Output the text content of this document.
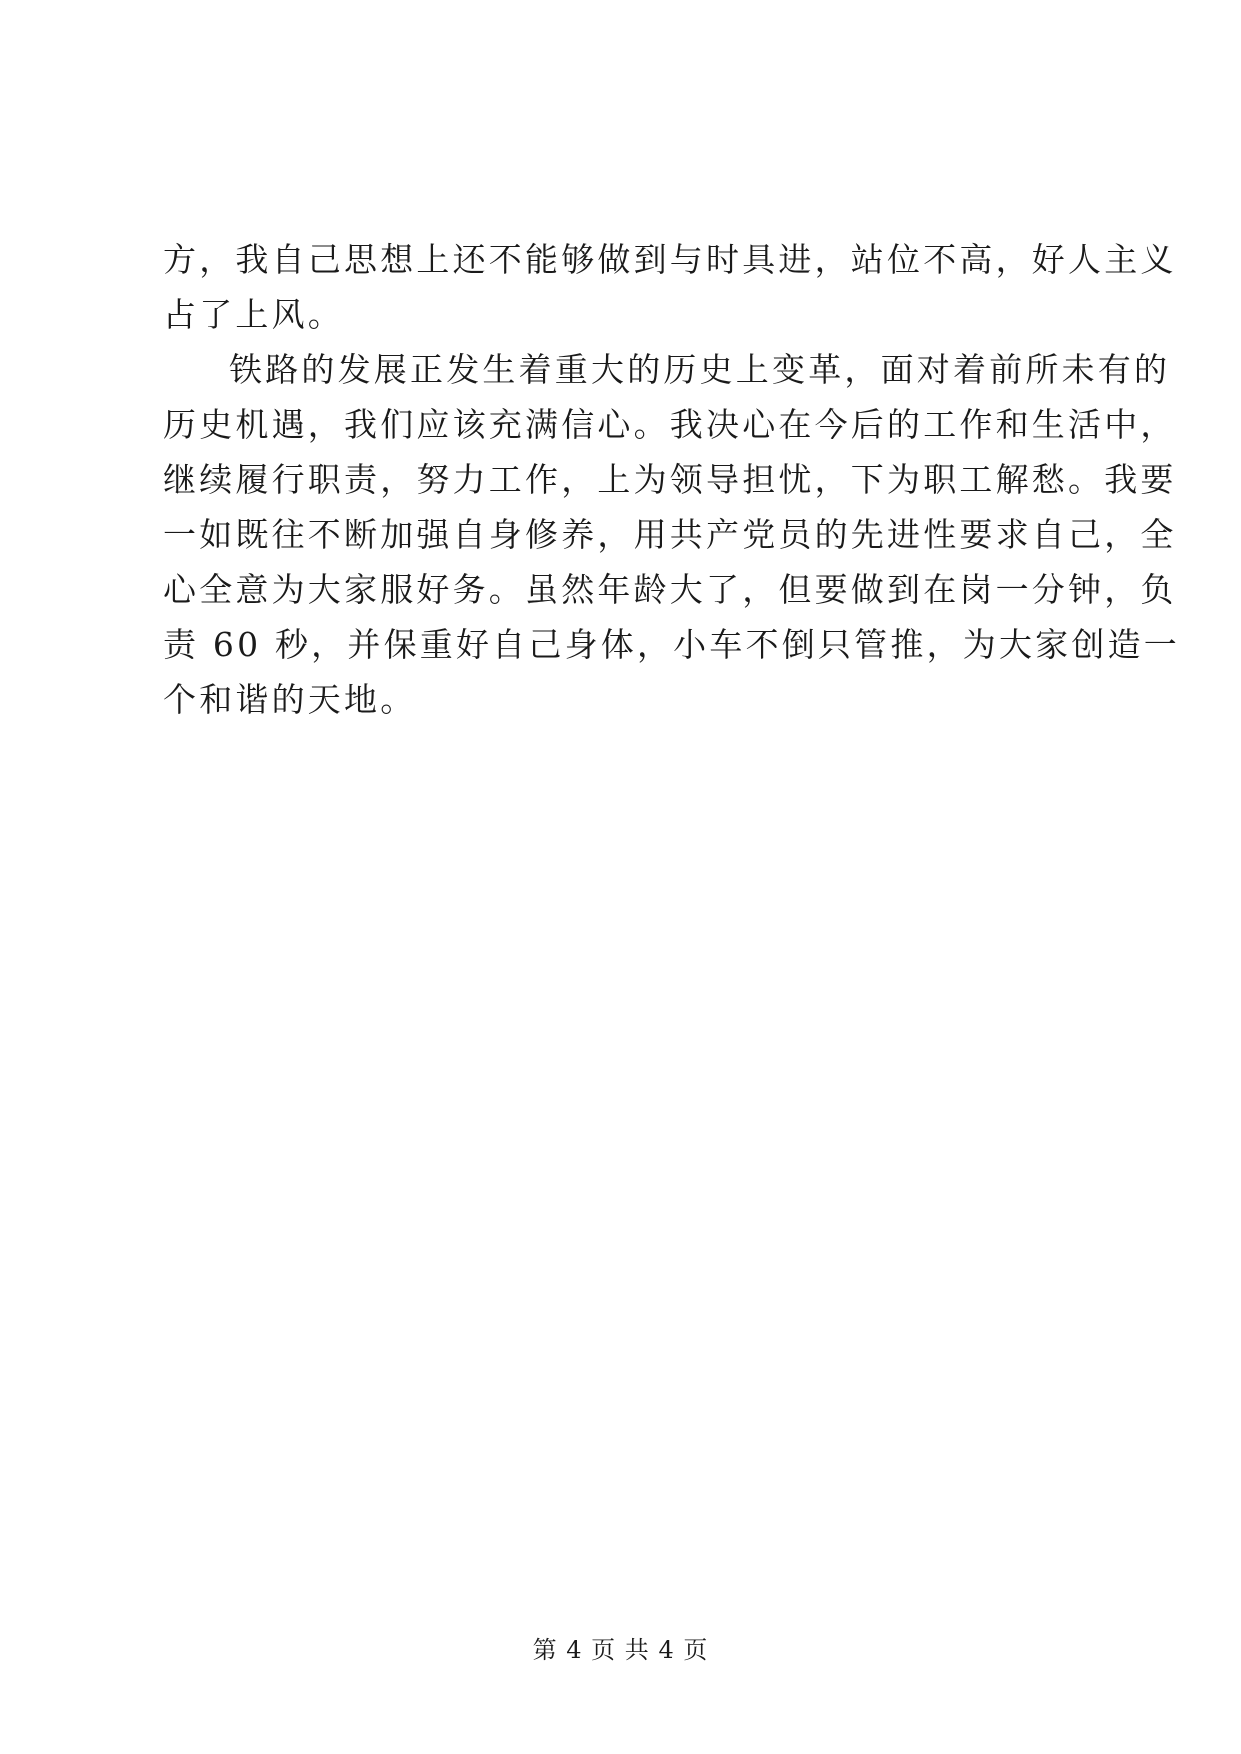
方，我自己思想上还不能够做到与时具进，站位不高，好人主义
占了上风。
铁路的发展正发生着重大的历史上变革，面对着前所未有的
历史机遇，我们应该充满信心。我决心在今后的工作和生活中，
继续履行职责，努力工作，上为领导担忧，下为职工解愁。我要
一如既往不断加强自身修养，用共产党员的先进性要求自己，全
心全意为大家服好务。虽然年龄大了，但要做到在岗一分钟，负
责 60 秒，并保重好自己身体，小车不倒只管推，为大家创造一
个和谐的天地。
第 4 页 共 4 页
